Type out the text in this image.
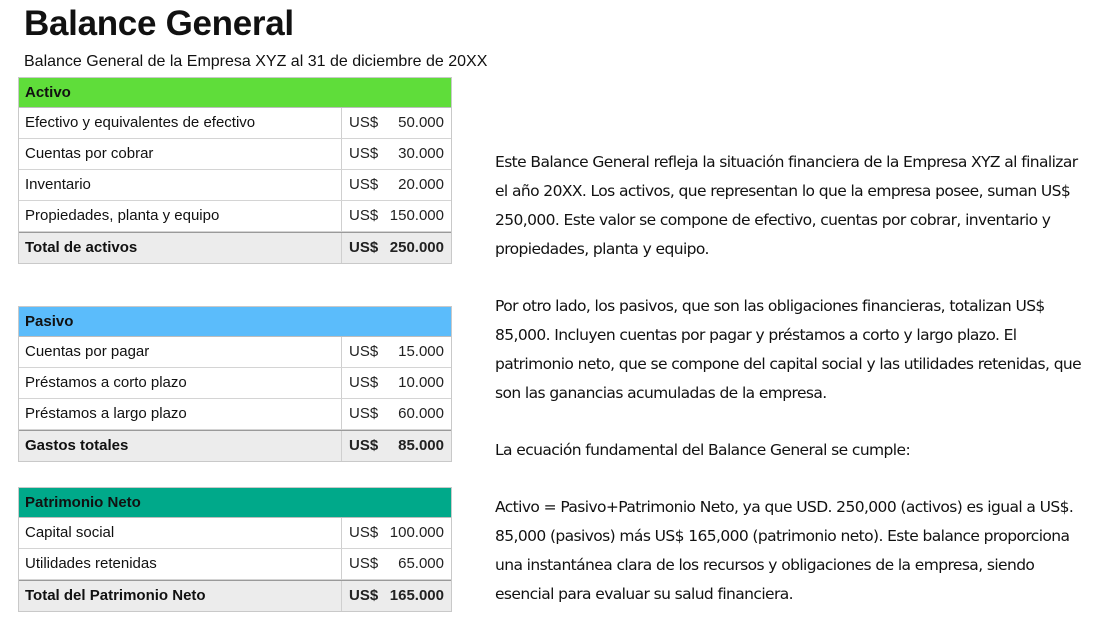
Balance General
Balance General de la Empresa XYZ al 31 de diciembre de 20XX
Activo
Efectivo y equivalentes de efectivo	US$ 50.000
Cuentas por cobrar	US$ 30.000
Inventario	US$ 20.000
Propiedades, planta y equipo	US$ 150.000
Total de activos	US$ 250.000
Pasivo
Cuentas por pagar	US$ 15.000
Préstamos a corto plazo	US$ 10.000
Préstamos a largo plazo	US$ 60.000
Gastos totales	US$ 85.000
Patrimonio Neto
Capital social	US$ 100.000
Utilidades retenidas	US$ 65.000
Total del Patrimonio Neto	US$ 165.000

Este Balance General refleja la situación financiera de la Empresa XYZ al finalizar el año 20XX. Los activos, que representan lo que la empresa posee, suman US$ 250,000. Este valor se compone de efectivo, cuentas por cobrar, inventario y propiedades, planta y equipo.

Por otro lado, los pasivos, que son las obligaciones financieras, totalizan US$ 85,000. Incluyen cuentas por pagar y préstamos a corto y largo plazo. El patrimonio neto, que se compone del capital social y las utilidades retenidas, que son las ganancias acumuladas de la empresa.

La ecuación fundamental del Balance General se cumple:

Activo = Pasivo+Patrimonio Neto, ya que USD. 250,000 (activos) es igual a US$. 85,000 (pasivos) más US$ 165,000 (patrimonio neto). Este balance proporciona una instantánea clara de los recursos y obligaciones de la empresa, siendo esencial para evaluar su salud financiera.
